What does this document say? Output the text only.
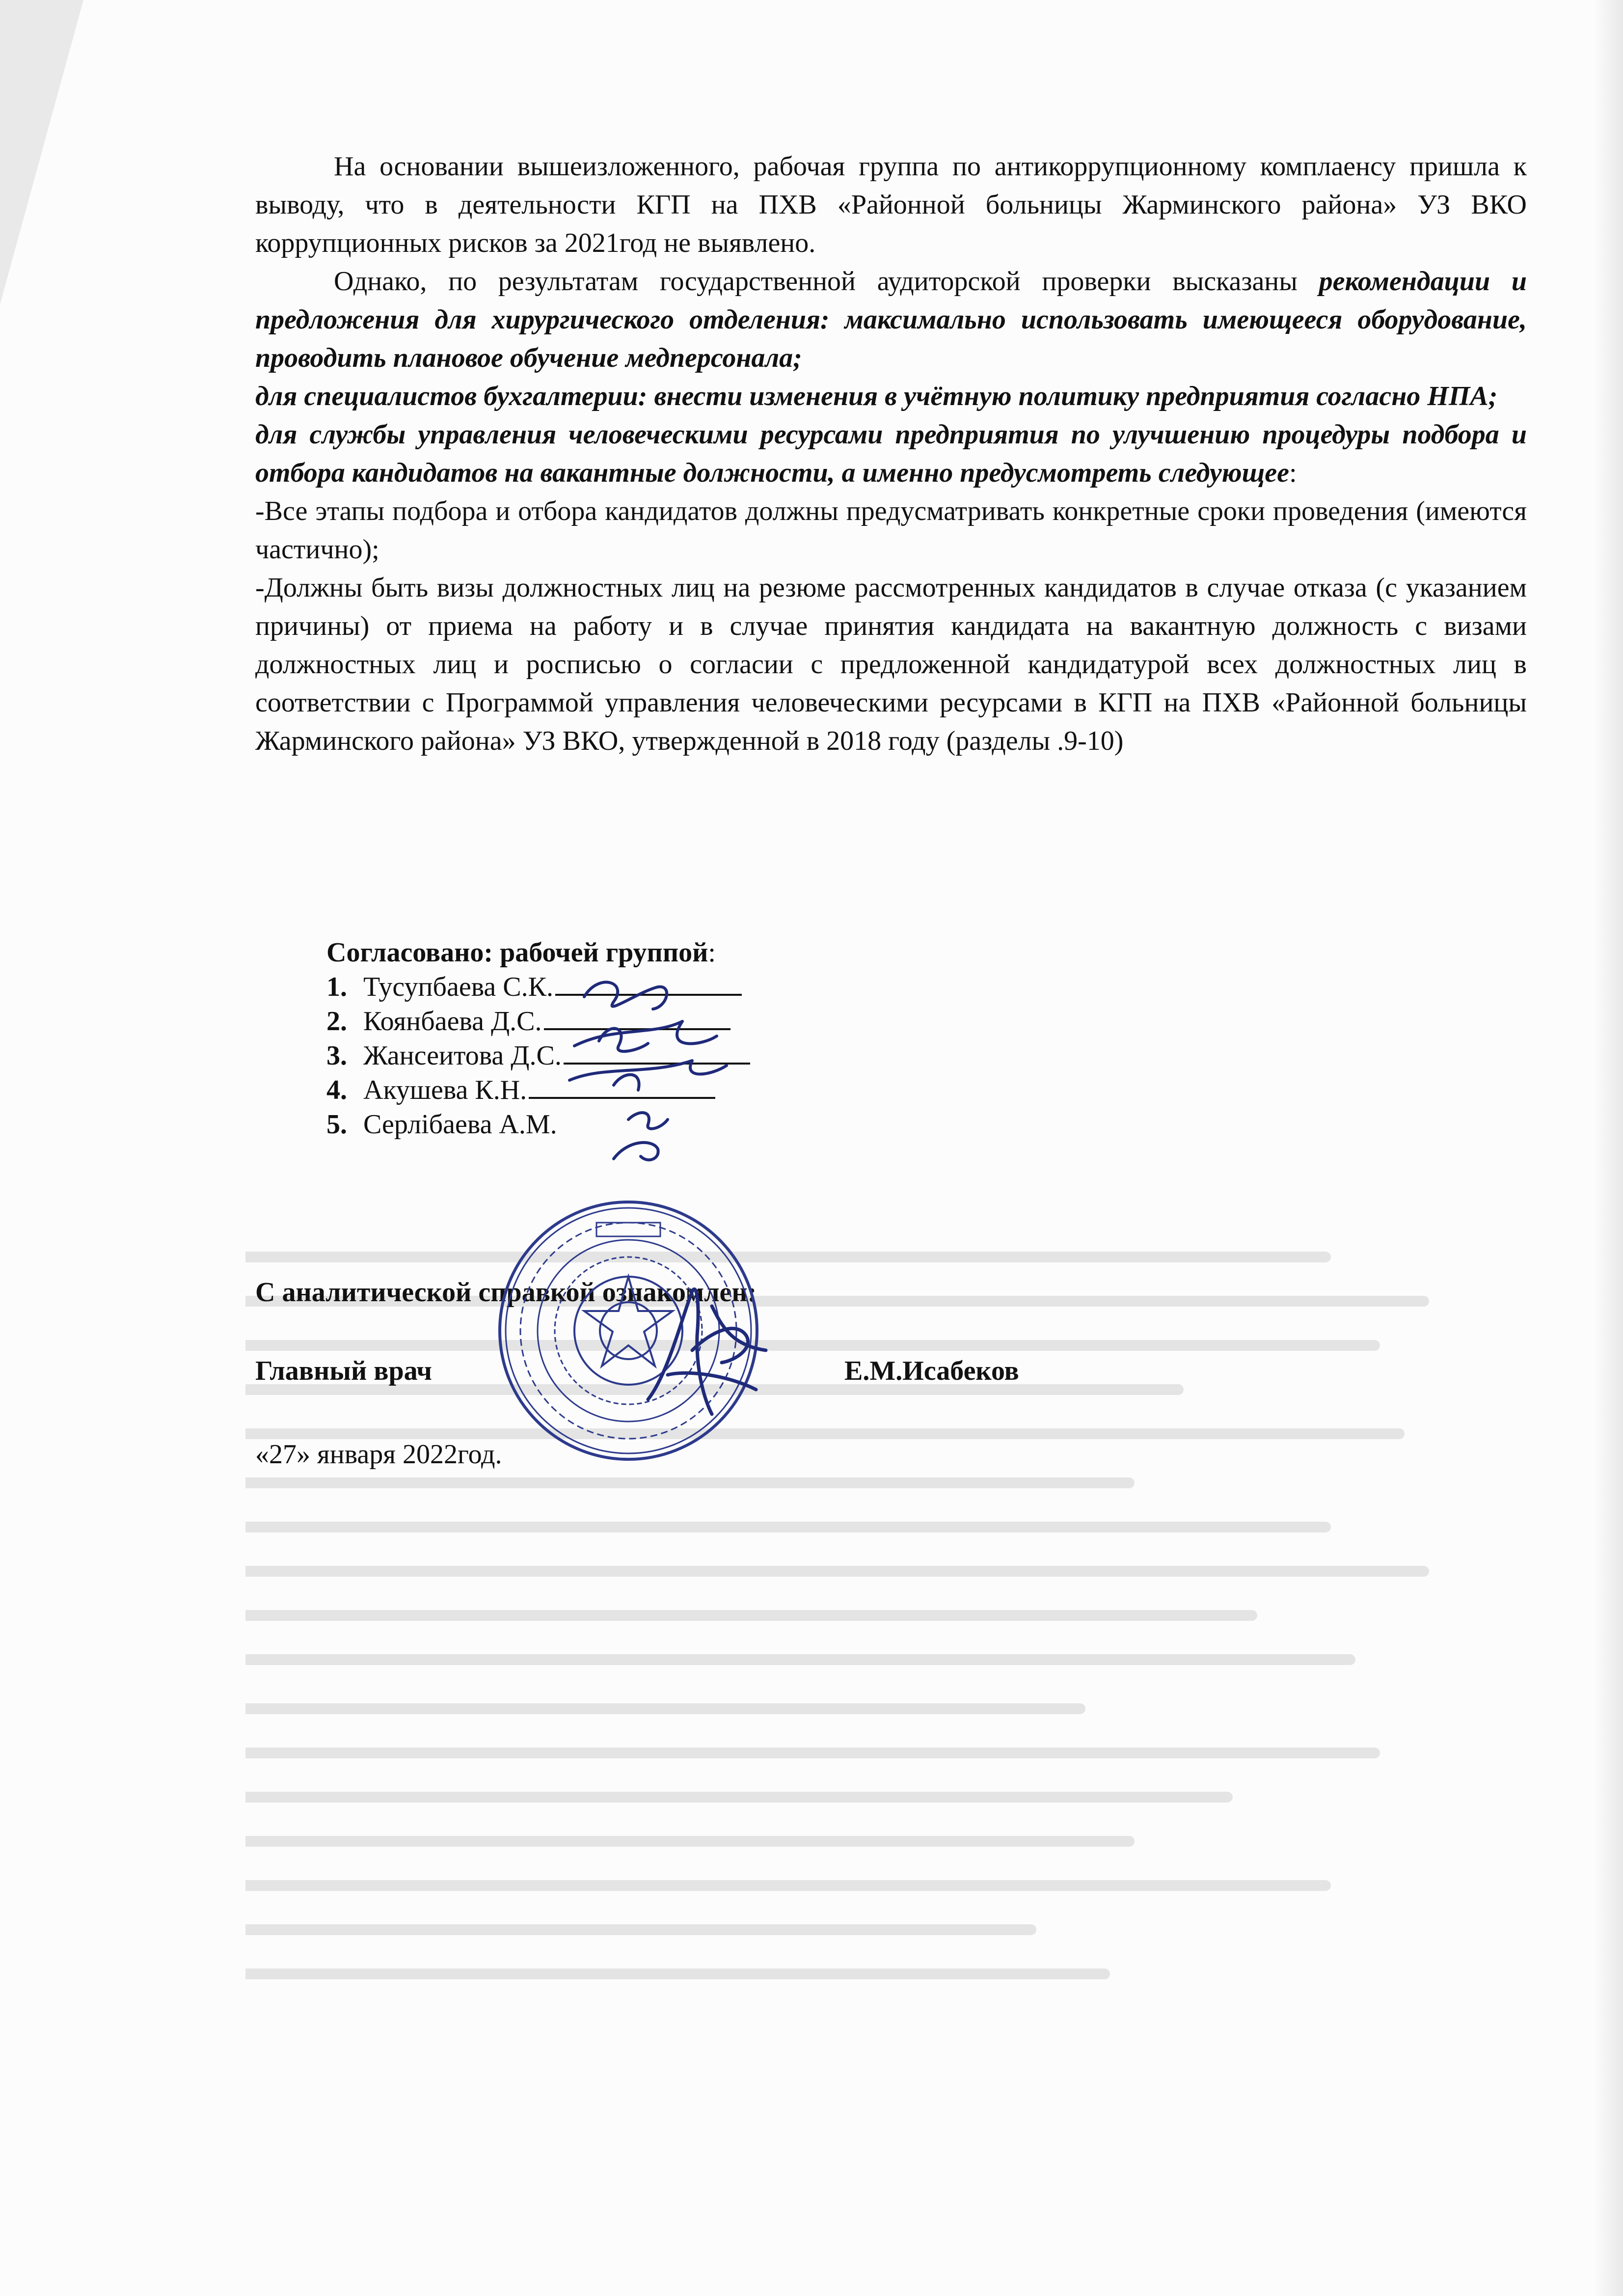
На основании вышеизложенного, рабочая группа по антикоррупционному комплаенсу пришла к выводу, что в деятельности КГП на ПХВ «Районной больницы Жарминского района» УЗ ВКО коррупционных рисков за 2021год не выявлено.

Однако, по результатам государственной аудиторской проверки высказаны рекомендации и предложения для хирургического отделения: максимально использовать имеющееся оборудование, проводить плановое обучение медперсонала;

для специалистов бухгалтерии: внести изменения в учётную политику предприятия согласно НПА;

для службы управления человеческими ресурсами предприятия по улучшению процедуры подбора и отбора кандидатов на вакантные должности, а именно предусмотреть следующее:

-Все этапы подбора и отбора кандидатов должны предусматривать конкретные сроки проведения (имеются частично);

-Должны быть визы должностных лиц на резюме рассмотренных кандидатов в случае отказа (с указанием причины) от приема на работу и в случае принятия кандидата на вакантную должность с визами должностных лиц и росписью о согласии с предложенной кандидатурой всех должностных лиц в соответствии с Программой управления человеческими ресурсами в КГП на ПХВ «Районной больницы Жарминского района» УЗ ВКО, утвержденной в 2018 году (разделы .9-10)

Согласовано: рабочей группой:
1. Тусупбаева С.К.
2. Коянбаева Д.С.
3. Жансеитова Д.С.
4. Акушева К.Н.
5. Серлібаева А.М.
С аналитической справкой ознакомлен:
Главный врач	Е.М.Исабеков
«27» января 2022год.
